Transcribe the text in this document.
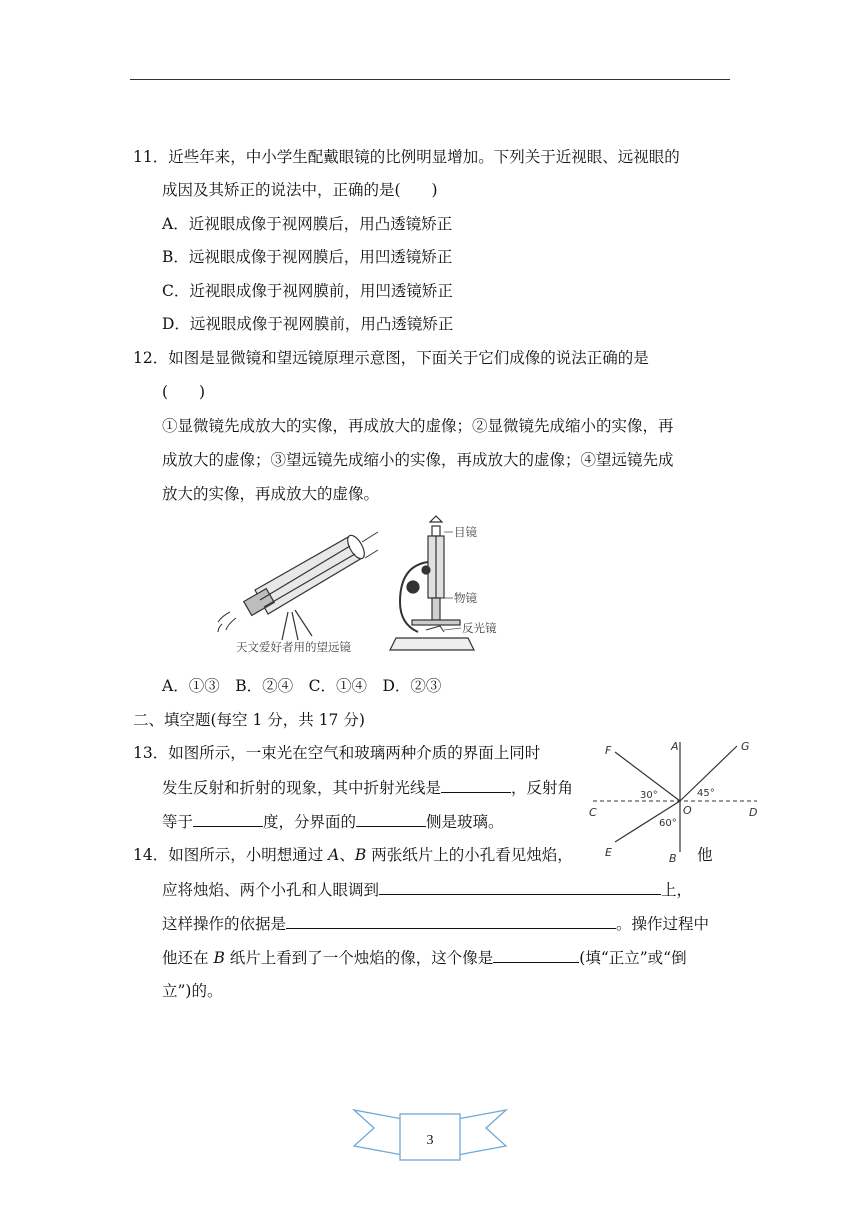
11．近些年来，中小学生配戴眼镜的比例明显增加。下列关于近视眼、远视眼的
成因及其矫正的说法中，正确的是(　　)
A．近视眼成像于视网膜后，用凸透镜矫正
B．远视眼成像于视网膜后，用凹透镜矫正
C．近视眼成像于视网膜前，用凹透镜矫正
D．远视眼成像于视网膜前，用凸透镜矫正
12．如图是显微镜和望远镜原理示意图，下面关于它们成像的说法正确的是
(　　)
①显微镜先成放大的实像，再成放大的虚像；②显微镜先成缩小的实像，再
成放大的虚像；③望远镜先成缩小的实像，再成放大的虚像；④望远镜先成
放大的实像，再成放大的虚像。
天文爱好者用的望远镜
目镜
物镜
反光镜
A．①③　B．②④　C．①④　D．②③
二、填空题(每空 1 分，共 17 分)
13．如图所示，一束光在空气和玻璃两种介质的界面上同时
发生反射和折射的现象，其中折射光线是	，反射角
等于	度，分界面的	侧是玻璃。
F	A	G
C	O	D
E	B
30°	45°
60°
14．如图所示，小明想通过 A、B 两张纸片上的小孔看见烛焰，	他
应将烛焰、两个小孔和人眼调到	上，
这样操作的依据是	。操作过程中
他还在 B 纸片上看到了一个烛焰的像，这个像是	(填“正立”或“倒
立”)的。
3
